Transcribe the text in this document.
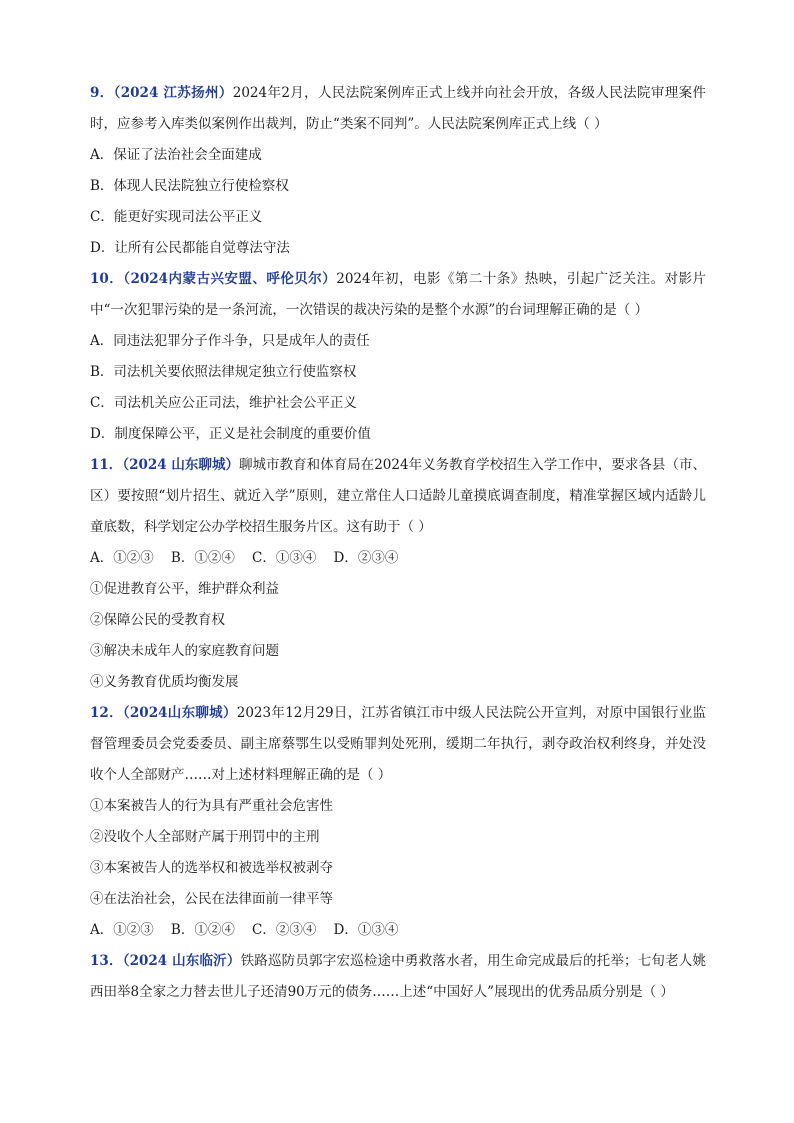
9．（2024 江苏扬州）2024年2月，人民法院案例库正式上线并向社会开放，各级人民法院审理案件时，应参考入库类似案例作出裁判，防止“类案不同判”。人民法院案例库正式上线（ ）

A．保证了法治社会全面建成

B．体现人民法院独立行使检察权

C．能更好实现司法公平正义

D．让所有公民都能自觉尊法守法

10．（2024内蒙古兴安盟、呼伦贝尔）2024年初，电影《第二十条》热映，引起广泛关注。对影片中“一次犯罪污染的是一条河流，一次错误的裁决污染的是整个水源”的台词理解正确的是（ ）

A．同违法犯罪分子作斗争，只是成年人的责任

B．司法机关要依照法律规定独立行使监察权

C．司法机关应公正司法，维护社会公平正义

D．制度保障公平，正义是社会制度的重要价值

11．（2024 山东聊城）聊城市教育和体育局在2024年义务教育学校招生入学工作中，要求各县（市、区）要按照“划片招生、就近入学”原则，建立常住人口适龄儿童摸底调查制度，精准掌握区域内适龄儿童底数，科学划定公办学校招生服务片区。这有助于（ ）

A．①②③    B．①②④    C．①③④    D．②③④

①促进教育公平，维护群众利益

②保障公民的受教育权

③解决未成年人的家庭教育问题

④义务教育优质均衡发展

12．（2024山东聊城）2023年12月29日，江苏省镇江市中级人民法院公开宣判，对原中国银行业监督管理委员会党委委员、副主席蔡鄂生以受贿罪判处死刑，缓期二年执行，剥夺政治权利终身，并处没收个人全部财产……对上述材料理解正确的是（ ）

①本案被告人的行为具有严重社会危害性

②没收个人全部财产属于刑罚中的主刑

③本案被告人的选举权和被选举权被剥夺

④在法治社会，公民在法律面前一律平等

A．①②③    B．①②④    C．②③④    D．①③④

13．（2024 山东临沂）铁路巡防员郭字宏巡检途中勇救落水者，用生命完成最后的托举；七旬老人姚西田举8全家之力替去世儿子还清90万元的债务……上述“中国好人”展现出的优秀品质分别是（ ）
